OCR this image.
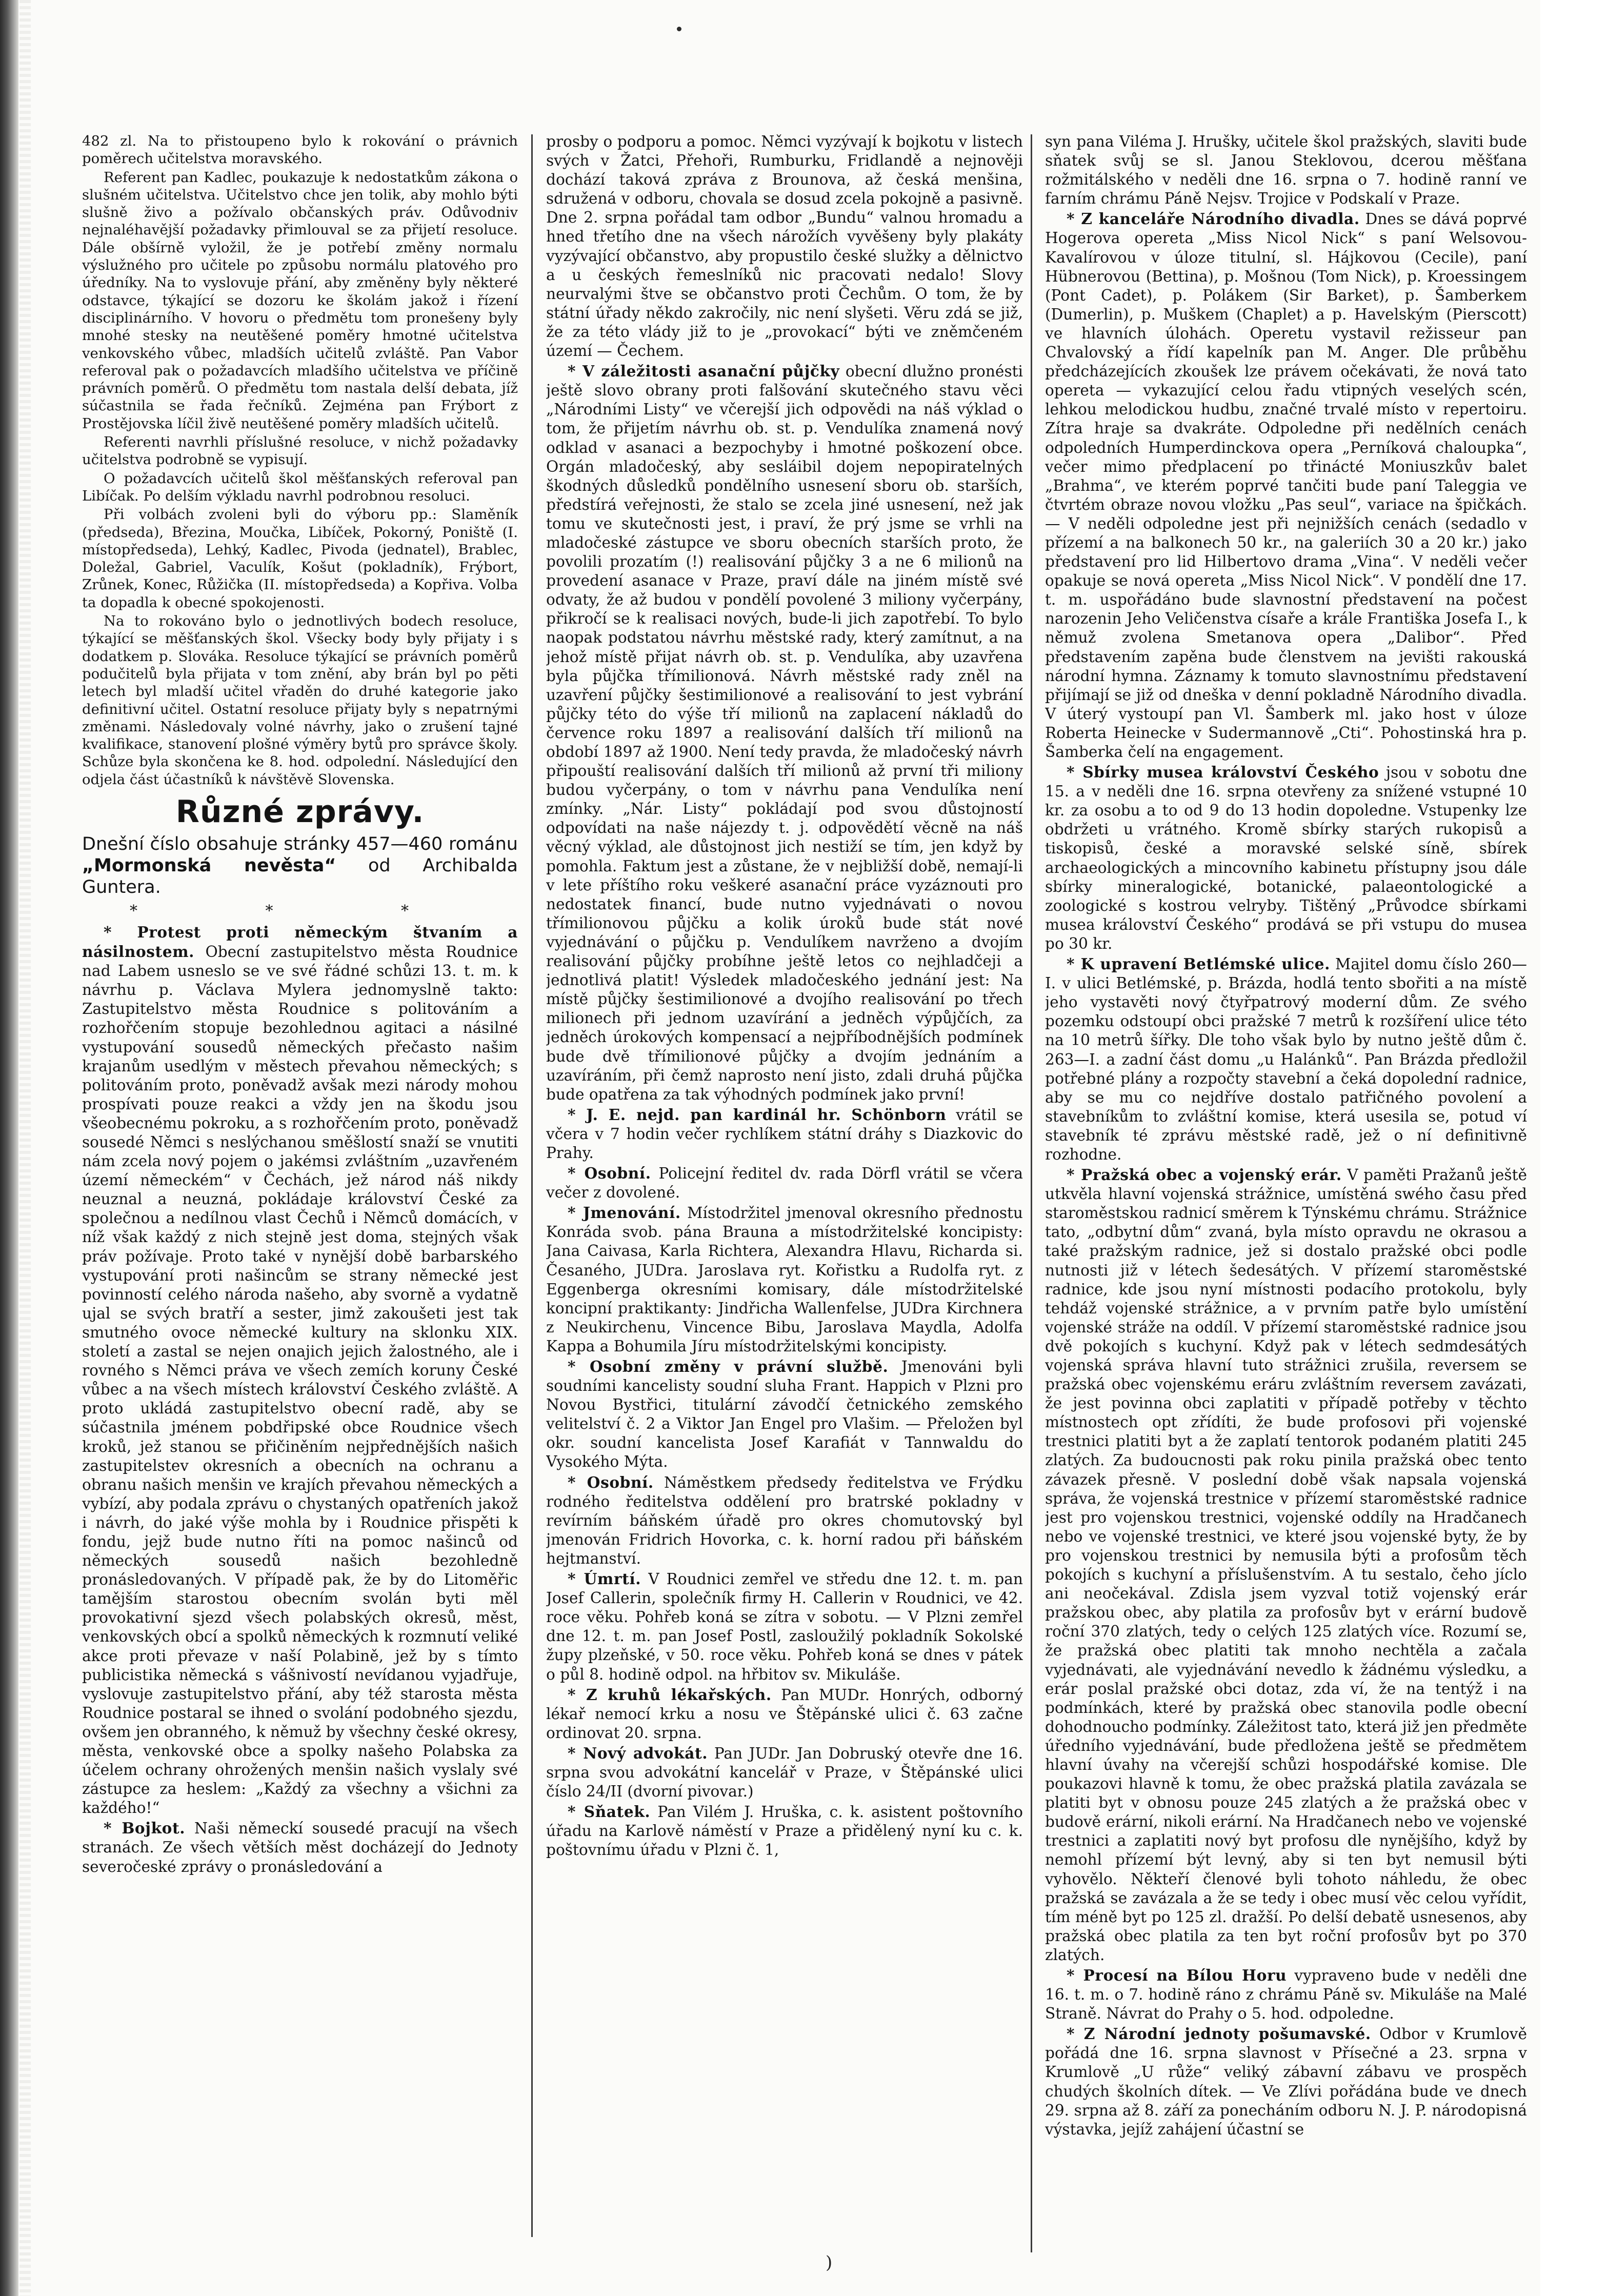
482 zl. Na to přistoupeno bylo k rokování o právnich poměrech učitelstva moravského.

Referent pan Kadlec, poukazuje k nedostatkům zákona o slušném učitelstva. Učitelstvo chce jen tolik, aby mohlo býti slušně živo a požívalo občanských práv. Odůvodniv nejnaléhavější požadavky přimlouval se za přijetí resoluce. Dále obšírně vyložil, že je potřebí změny normalu výslužného pro učitele po způsobu normálu platového pro úředníky. Na to vyslovuje přání, aby změněny byly některé odstavce, týkající se dozoru ke školám jakož i řízení disciplinárního. V hovoru o předmětu tom pronešeny byly mnohé stesky na neutěšené poměry hmotné učitelstva venkovského vůbec, mladších učitelů zvláště. Pan Vabor referoval pak o požadavcích mladšího učitelstva ve příčině právních poměrů. O předmětu tom nastala delší debata, jíž súčastnila se řada řečníků. Zejména pan Frýbort z Prostějovska líčil živě neutěšené poměry mladších učitelů.

Referenti navrhli příslušné resoluce, v nichž požadavky učitelstva podrobně se vypisují.

O požadavcích učitelů škol měšťanských referoval pan Libíčak. Po delším výkladu navrhl podrobnou resoluci.

Při volbách zvoleni byli do výboru pp.: Slaměník (předseda), Březina, Moučka, Libíček, Pokorný, Poniště (I. místopředseda), Lehký, Kadlec, Pivoda (jednatel), Brablec, Doležal, Gabriel, Vaculík, Košut (pokladník), Frýbort, Zrůnek, Konec, Růžička (II. místopředseda) a Kopřiva. Volba ta dopadla k obecné spokojenosti.

Na to rokováno bylo o jednotlivých bodech resoluce, týkající se měšťanských škol. Všecky body byly přijaty i s dodatkem p. Slováka. Resoluce týkající se právních poměrů podučitelů byla přijata v tom znění, aby brán byl po pěti letech byl mladší učitel vřaděn do druhé kategorie jako definitivní učitel. Ostatní resoluce přijaty byly s nepatrnými změnami. Následovaly volné návrhy, jako o zrušení tajné kvalifikace, stanovení plošné výměry bytů pro správce školy. Schůze byla skončena ke 8. hod. odpolední. Následující den odjela část účastníků k návštěvě Slovenska.

Různé zprávy.
Dnešní číslo obsahuje stránky 457—460 románu „Mormonská nevěsta“ od Archibalda Guntera.
* * *

* Protest proti německým štvaním a násilnostem. Obecní zastupitelstvo města Roudnice nad Labem usneslo se ve své řádné schůzi 13. t. m. k návrhu p. Václava Mylera jednomyslně takto: Zastupitelstvo města Roudnice s politováním a rozhořčením stopuje bezohlednou agitaci a násilné vystupování sousedů německých přečasto našim krajanům usedlým v městech převahou německých; s politováním proto, poněvadž avšak mezi národy mohou prospívati pouze reakci a vždy jen na škodu jsou všeobecnému pokroku, a s rozhořčením proto, poněvadž sousedé Němci s neslýchanou směšlostí snaží se vnutiti nám zcela nový pojem o jakémsi zvláštním „uzavřeném území německém“ v Čechách, jež národ náš nikdy neuznal a neuzná, pokládaje království České za společnou a nedílnou vlast Čechů i Němců domácích, v níž však každý z nich stejně jest doma, stejných však práv požívaje. Proto také v nynější době barbarského vystupování proti našincům se strany německé jest povinností celého národa našeho, aby svorně a vydatně ujal se svých bratří a sester, jimž zakoušeti jest tak smutného ovoce německé kultury na sklonku XIX. století a zastal se nejen onajich jejich žalostného, ale i rovného s Němci práva ve všech zemích koruny České vůbec a na všech místech království Českého zvláště. A proto ukládá zastupitelstvo obecní radě, aby se súčastnila jménem pobdřipské obce Roudnice všech kroků, jež stanou se přičiněním nejpřednějších našich zastupitelstev okresních a obecních na ochranu a obranu našich menšin ve krajích převahou německých a vybízí, aby podala zprávu o chystaných opatřeních jakož i návrh, do jaké výše mohla by i Roudnice přispěti k fondu, jejž bude nutno říti na pomoc našinců od německých sousedů našich bezohledně pronásledovaných. V případě pak, že by do Litoměřic tamějším starostou obecním svolán byti měl provokativní sjezd všech polabských okresů, měst, venkovských obcí a spolků německých k rozmnutí veliké akce proti převaze v naší Polabině, jež by s tímto publicistika německá s vášnivostí nevídanou vyjadřuje, vyslovuje zastupitelstvo přání, aby též starosta města Roudnice postaral se ihned o svolání podobného sjezdu, ovšem jen obranného, k němuž by všechny české okresy, města, venkovské obce a spolky našeho Polabska za účelem ochrany ohrožených menšin našich vyslaly své zástupce za heslem: „Každý za všechny a všichni za každého!“

* Bojkot. Naši německí sousedé pracují na všech stranách. Ze všech větších měst docházejí do Jednoty severočeské zprávy o pronásledování a

prosby o podporu a pomoc. Němci vyzývají k bojkotu v listech svých v Žatci, Přehoři, Rumburku, Fridlandě a nejnověji dochází taková zpráva z Brounova, až česká menšina, sdružená v odboru, chovala se dosud zcela pokojně a pasivně. Dne 2. srpna pořádal tam odbor „Bundu“ valnou hromadu a hned třetího dne na všech nárožích vyvěšeny byly plakáty vyzývající občanstvo, aby propustilo české služky a dělnictvo a u českých řemeslníků nic pracovati nedalo! Slovy neurvalými štve se občanstvo proti Čechům. O tom, že by státní úřady někdo zakročily, nic není slyšeti. Věru zdá se již, že za této vlády již to je „provokací“ býti ve zněmčeném území — Čechem.

* V záležitosti asanační půjčky obecní dlužno pronésti ještě slovo obrany proti falšování skutečného stavu věci „Národními Listy“ ve včerejší jich odpovědi na náš výklad o tom, že přijetím návrhu ob. st. p. Vendulíka znamená nový odklad v asanaci a bezpochyby i hmotné poškození obce. Orgán mladočeský, aby sesláibil dojem nepopiratelných škodných důsledků pondělního usnesení sboru ob. starších, předstírá veřejnosti, že stalo se zcela jiné usnesení, než jak tomu ve skutečnosti jest, i praví, že prý jsme se vrhli na mladočeské zástupce ve sboru obecních starších proto, že povolili prozatím (!) realisování půjčky 3 a ne 6 milionů na provedení asanace v Praze, praví dále na jiném místě své odvaty, že až budou v pondělí povolené 3 miliony vyčerpány, přikročí se k realisaci nových, bude-li jich zapotřebí. To bylo naopak podstatou návrhu městské rady, který zamítnut, a na jehož místě přijat návrh ob. st. p. Vendulíka, aby uzavřena byla půjčka třímilionová. Návrh městské rady zněl na uzavření půjčky šestimilionové a realisování to jest vybrání půjčky této do výše tří milionů na zaplacení nákladů do července roku 1897 a realisování dalších tří milionů na období 1897 až 1900. Není tedy pravda, že mladočeský návrh připouští realisování dalších tří milionů až první tři miliony budou vyčerpány, o tom v návrhu pana Vendulíka není zmínky. „Nár. Listy“ pokládají pod svou důstojností odpovídati na naše nájezdy t. j. odpovědětí věcně na náš věcný výklad, ale důstojnost jich nestiží se tím, jen když by pomohla. Faktum jest a zůstane, že v nejbližší době, nemají-li v lete příštího roku veškeré asanační práce vyzáznouti pro nedostatek financí, bude nutno vyjednávati o novou třímilionovou půjčku a kolik úroků bude stát nové vyjednávání o půjčku p. Vendulíkem navrženo a dvojím realisování půjčky probíhne ještě letos co nejhladčeji a jednotlivá platit! Výsledek mladočeského jednání jest: Na místě půjčky šestimilionové a dvojího realisování po třech milionech při jednom uzavírání a jedněch výpůjčích, za jedněch úrokových kompensací a nejpříbodnějších podmínek bude dvě třímilionové půjčky a dvojím jednáním a uzavíráním, při čemž naprosto není jisto, zdali druhá půjčka bude opatřena za tak výhodných podmínek jako první!

* J. E. nejd. pan kardinál hr. Schönborn vrátil se včera v 7 hodin večer rychlíkem státní dráhy s Diazkovic do Prahy.

* Osobní. Policejní ředitel dv. rada Dörfl vrátil se včera večer z dovolené.

* Jmenování. Místodržitel jmenoval okresního přednostu Konráda svob. pána Brauna a místodržitelské koncipisty: Jana Caivasa, Karla Richtera, Alexandra Hlavu, Richarda si. Česaného, JUDra. Jaroslava ryt. Kořistku a Rudolfa ryt. z Eggenberga okresními komisary, dále místodržitelské koncipní praktikanty: Jindřicha Wallenfelse, JUDra Kirchnera z Neukirchenu, Vincence Bibu, Jaroslava Maydla, Adolfa Kappa a Bohumila Jíru místodržitelskými koncipisty.

* Osobní změny v právní službě. Jmenováni byli soudními kancelisty soudní sluha Frant. Happich v Plzni pro Novou Bystřici, titulární závodčí četnického zemského velitelství č. 2 a Viktor Jan Engel pro Vlašim. — Přeložen byl okr. soudní kancelista Josef Karafiát v Tannwaldu do Vysokého Mýta.

* Osobní. Náměstkem předsedy ředitelstva ve Frýdku rodného ředitelstva oddělení pro bratrské pokladny v revírním báňském úřadě pro okres chomutovský byl jmenován Fridrich Hovorka, c. k. horní radou při báňském hejtmanství.

* Úmrtí. V Roudnici zemřel ve středu dne 12. t. m. pan Josef Callerin, společník firmy H. Callerin v Roudnici, ve 42. roce věku. Pohřeb koná se zítra v sobotu. — V Plzni zemřel dne 12. t. m. pan Josef Postl, zasloužilý pokladník Sokolské župy plzeňské, v 50. roce věku. Pohřeb koná se dnes v pátek o půl 8. hodině odpol. na hřbitov sv. Mikuláše.

* Z kruhů lékařských. Pan MUDr. Honrých, odborný lékař nemocí krku a nosu ve Štěpánské ulici č. 63 začne ordinovat 20. srpna.

* Nový advokát. Pan JUDr. Jan Dobruský otevře dne 16. srpna svou advokátní kancelář v Praze, v Štěpánské ulici číslo 24/II (dvorní pivovar.)

* Sňatek. Pan Vilém J. Hruška, c. k. asistent poštovního úřadu na Karlově náměstí v Praze a přidělený nyní ku c. k. poštovnímu úřadu v Plzni č. 1,

syn pana Viléma J. Hrušky, učitele škol pražských, slaviti bude sňatek svůj se sl. Janou Steklovou, dcerou měšťana rožmitálského v neděli dne 16. srpna o 7. hodině ranní ve farním chrámu Páně Nejsv. Trojice v Podskalí v Praze.

* Z kanceláře Národního divadla. Dnes se dává poprvé Hogerova opereta „Miss Nicol Nick“ s paní Welsovou-Kavalírovou v úloze titulní, sl. Hájkovou (Cecile), paní Hübnerovou (Bettina), p. Mošnou (Tom Nick), p. Kroessingem (Pont Cadet), p. Polákem (Sir Barket), p. Šamberkem (Dumerlin), p. Muškem (Chaplet) a p. Havelským (Pierscott) ve hlavních úlohách. Operetu vystavil režisseur pan Chvalovský a řídí kapelník pan M. Anger. Dle průběhu předcházejících zkoušek lze právem očekávati, že nová tato opereta — vykazující celou řadu vtipných veselých scén, lehkou melodickou hudbu, značné trvalé místo v repertoiru. Zítra hraje sa dvakráte. Odpoledne při nedělních cenách odpoledních Humperdinckova opera „Perníková chaloupka“, večer mimo předplacení po třinácté Moniuszkův balet „Brahma“, ve kterém poprvé tančiti bude paní Taleggia ve čtvrtém obraze novou vložku „Pas seul“, variace na špičkách. — V neděli odpoledne jest při nejnižších cenách (sedadlo v přízemí a na balkonech 50 kr., na galeriích 30 a 20 kr.) jako představení pro lid Hilbertovo drama „Vina“. V neděli večer opakuje se nová opereta „Miss Nicol Nick“. V pondělí dne 17. t. m. uspořádáno bude slavnostní představení na počest narozenin Jeho Veličenstva císaře a krále Františka Josefa I., k němuž zvolena Smetanova opera „Dalibor“. Před představením zapěna bude členstvem na jevišti rakouská národní hymna. Záznamy k tomuto slavnostnímu představení přijímají se již od dneška v denní pokladně Národního divadla. V úterý vystoupí pan Vl. Šamberk ml. jako host v úloze Roberta Heinecke v Sudermannově „Cti“. Pohostinská hra p. Šamberka čelí na engagement.

* Sbírky musea království Českého jsou v sobotu dne 15. a v neděli dne 16. srpna otevřeny za snížené vstupné 10 kr. za osobu a to od 9 do 13 hodin dopoledne. Vstupenky lze obdržeti u vrátného. Kromě sbírky starých rukopisů a tiskopisů, české a moravské selské síně, sbírek archaeologických a mincovního kabinetu přístupny jsou dále sbírky mineralogické, botanické, palaeontologické a zoologické s kostrou velryby. Tištěný „Průvodce sbírkami musea království Českého“ prodává se při vstupu do musea po 30 kr.

* K upravení Betlémské ulice. Majitel domu číslo 260—I. v ulici Betlémské, p. Brázda, hodlá tento sbořiti a na místě jeho vystavěti nový čtyřpatrový moderní dům. Ze svého pozemku odstoupí obci pražské 7 metrů k rozšíření ulice této na 10 metrů šířky. Dle toho však bylo by nutno ještě dům č. 263—I. a zadní část domu „u Halánků“. Pan Brázda předložil potřebné plány a rozpočty stavební a čeká dopolední radnice, aby se mu co nejdříve dostalo patřičného povolení a stavebníkům to zvláštní komise, která usesila se, potud ví stavebník té zprávu městské radě, jež o ní definitivně rozhodne.

* Pražská obec a vojenský erár. V paměti Pražanů ještě utkvěla hlavní vojenská strážnice, umístěná swého času před staroměstskou radnicí směrem k Týnskému chrámu. Strážnice tato, „odbytní dům“ zvaná, byla místo opravdu ne okrasou a také pražským radnice, jež si dostalo pražské obci podle nutnosti již v létech šedesátých. V přízemí staroměstské radnice, kde jsou nyní místnosti podacího protokolu, byly tehdáž vojenské strážnice, a v prvním patře bylo umístění vojenské stráže na oddíl. V přízemí staroměstské radnice jsou dvě pokojích s kuchyní. Když pak v létech sedmdesátých vojenská správa hlavní tuto strážnici zrušila, reversem se pražská obec vojenskému eráru zvláštním reversem zavázati, že jest povinna obci zaplatiti v případě potřeby v těchto místnostech opt zřídíti, že bude profosovi při vojenské trestnici platiti byt a že zaplatí tentorok podaném platiti 245 zlatých. Za budoucnosti pak roku pinila pražská obec tento závazek přesně. V poslední době však napsala vojenská správa, že vojenská trestnice v přízemí staroměstské radnice jest pro vojenskou trestnici, vojenské oddíly na Hradčanech nebo ve vojenské trestnici, ve které jsou vojenské byty, že by pro vojenskou trestnici by nemusila býti a profosům těch pokojích s kuchyní a příslušenstvím. A tu sestalo, čeho jíclo ani neočekával. Zdisla jsem vyzval totiž vojenský erár pražskou obec, aby platila za profosův byt v erární budově roční 370 zlatých, tedy o celých 125 zlatých více. Rozumí se, že pražská obec platiti tak mnoho nechtěla a začala vyjednávati, ale vyjednávání nevedlo k žádnému výsledku, a erár poslal pražské obci dotaz, zda ví, že na tentýž i na podmínkách, které by pražská obec stanovila podle obecní dohodnoucho podmínky. Záležitost tato, která již jen předměte úředního vyjednávání, bude předložena ještě se předmětem hlavní úvahy na včerejší schůzi hospodářské komise. Dle poukazovi hlavně k tomu, že obec pražská platila zavázala se platiti byt v obnosu pouze 245 zlatých a že pražská obec v budově erární, nikoli erární. Na Hradčanech nebo ve vojenské trestnici a zaplatiti nový byt profosu dle nynějšího, když by nemohl přízemí být levný, aby si ten byt nemusil býti vyhovělo. Někteří členové byli tohoto náhledu, že obec pražská se zavázala a že se tedy i obec musí věc celou vyřídit, tím méně byt po 125 zl. dražší. Po delší debatě usnesenos, aby pražská obec platila za ten byt roční profosův byt po 370 zlatých.

* Procesí na Bílou Horu vypraveno bude v neděli dne 16. t. m. o 7. hodině ráno z chrámu Páně sv. Mikuláše na Malé Straně. Návrat do Prahy o 5. hod. odpoledne.

* Z Národní jednoty pošumavské. Odbor v Krumlově pořádá dne 16. srpna slavnost v Přísečné a 23. srpna v Krumlově „U růže“ veliký zábavní zábavu ve prospěch chudých školních dítek. — Ve Zlívi pořádána bude ve dnech 29. srpna až 8. září za ponecháním odboru N. J. P. národopisná výstavka, jejíž zahájení účastní se

)
